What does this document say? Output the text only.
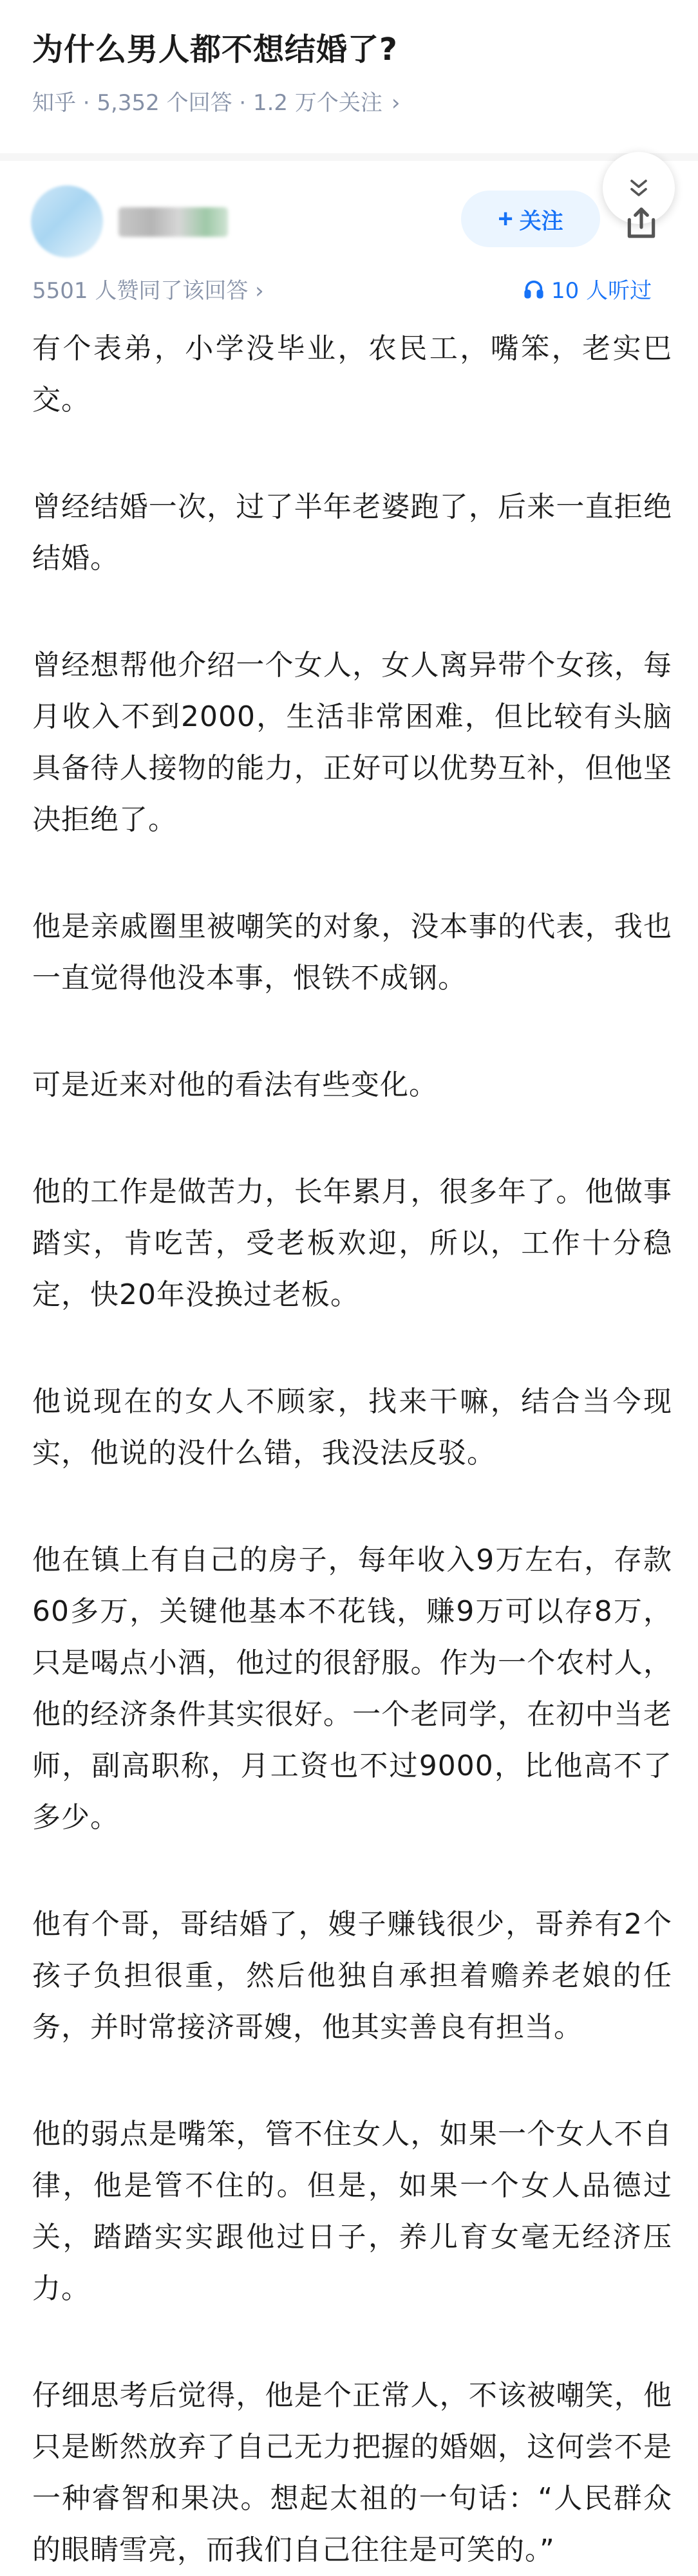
为什么男人都不想结婚了?
知乎 · 5,352 个回答 · 1.2 万个关注 ›
+ 关注
5501 人赞同了该回答 ›	10 人听过

有个表弟，小学没毕业，农民工，嘴笨，老实巴交。

曾经结婚一次，过了半年老婆跑了，后来一直拒绝结婚。

曾经想帮他介绍一个女人，女人离异带个女孩，每月收入不到2000，生活非常困难，但比较有头脑具备待人接物的能力，正好可以优势互补，但他坚决拒绝了。

他是亲戚圈里被嘲笑的对象，没本事的代表，我也一直觉得他没本事，恨铁不成钢。

可是近来对他的看法有些变化。

他的工作是做苦力，长年累月，很多年了。他做事踏实，肯吃苦，受老板欢迎，所以，工作十分稳定，快20年没换过老板。

他说现在的女人不顾家，找来干嘛，结合当今现实，他说的没什么错，我没法反驳。

他在镇上有自己的房子，每年收入9万左右，存款60多万，关键他基本不花钱，赚9万可以存8万，只是喝点小酒，他过的很舒服。作为一个农村人，他的经济条件其实很好。一个老同学，在初中当老师，副高职称，月工资也不过9000，比他高不了多少。

他有个哥，哥结婚了，嫂子赚钱很少，哥养有2个孩子负担很重，然后他独自承担着赡养老娘的任务，并时常接济哥嫂，他其实善良有担当。

他的弱点是嘴笨，管不住女人，如果一个女人不自律，他是管不住的。但是，如果一个女人品德过关，踏踏实实跟他过日子，养儿育女毫无经济压力。

仔细思考后觉得，他是个正常人，不该被嘲笑，他只是断然放弃了自己无力把握的婚姻，这何尝不是一种睿智和果决。想起太祖的一句话：“人民群众的眼睛雪亮，而我们自己往往是可笑的。”
